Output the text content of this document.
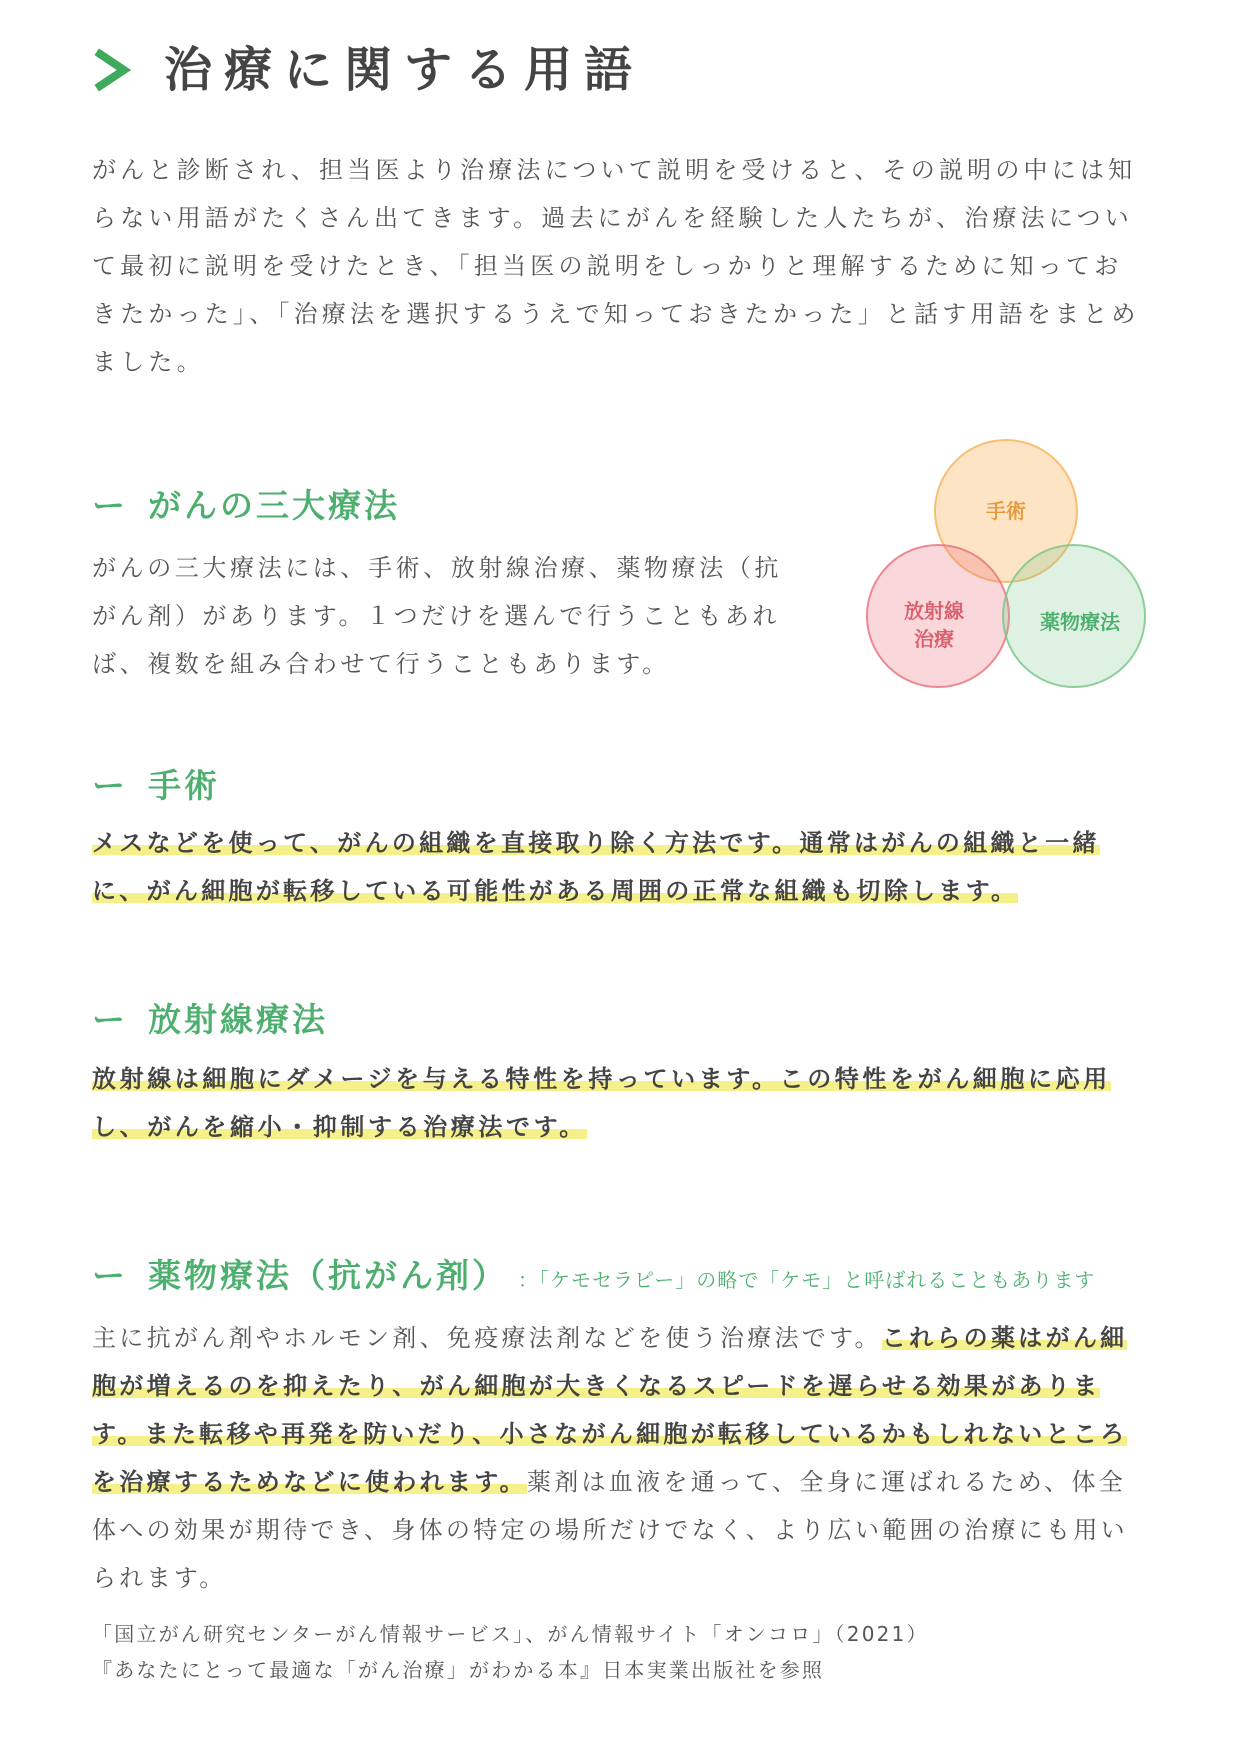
治療に関する用語

がんと診断され、担当医より治療法について説明を受けると、その説明の中には知らない用語がたくさん出てきます。過去にがんを経験した人たちが、治療法について最初に説明を受けたとき、「担当医の説明をしっかりと理解するために知っておきたかった」、「治療法を選択するうえで知っておきたかった」と話す用語をまとめました。

ー がんの三大療法

がんの三大療法には、手術、放射線治療、薬物療法（抗がん剤）があります。１つだけを選んで行うこともあれば、複数を組み合わせて行うこともあります。

手術
放射線
治療
薬物療法
ー 手術

メスなどを使って、がんの組織を直接取り除く方法です。通常はがんの組織と一緒に、がん細胞が転移している可能性がある周囲の正常な組織も切除します。

ー 放射線療法

放射線は細胞にダメージを与える特性を持っています。この特性をがん細胞に応用し、がんを縮小・抑制する治療法です。

ー 薬物療法（抗がん剤） ：「ケモセラピー」の略で「ケモ」と呼ばれることもあります

主に抗がん剤やホルモン剤、免疫療法剤などを使う治療法です。これらの薬はがん細胞が増えるのを抑えたり、がん細胞が大きくなるスピードを遅らせる効果があります。また転移や再発を防いだり、小さながん細胞が転移しているかもしれないところを治療するためなどに使われます。薬剤は血液を通って、全身に運ばれるため、体全体への効果が期待でき、身体の特定の場所だけでなく、より広い範囲の治療にも用いられます。

「国立がん研究センターがん情報サービス」、がん情報サイト「オンコロ」（2021）
『あなたにとって最適な「がん治療」がわかる本』日本実業出版社を参照
